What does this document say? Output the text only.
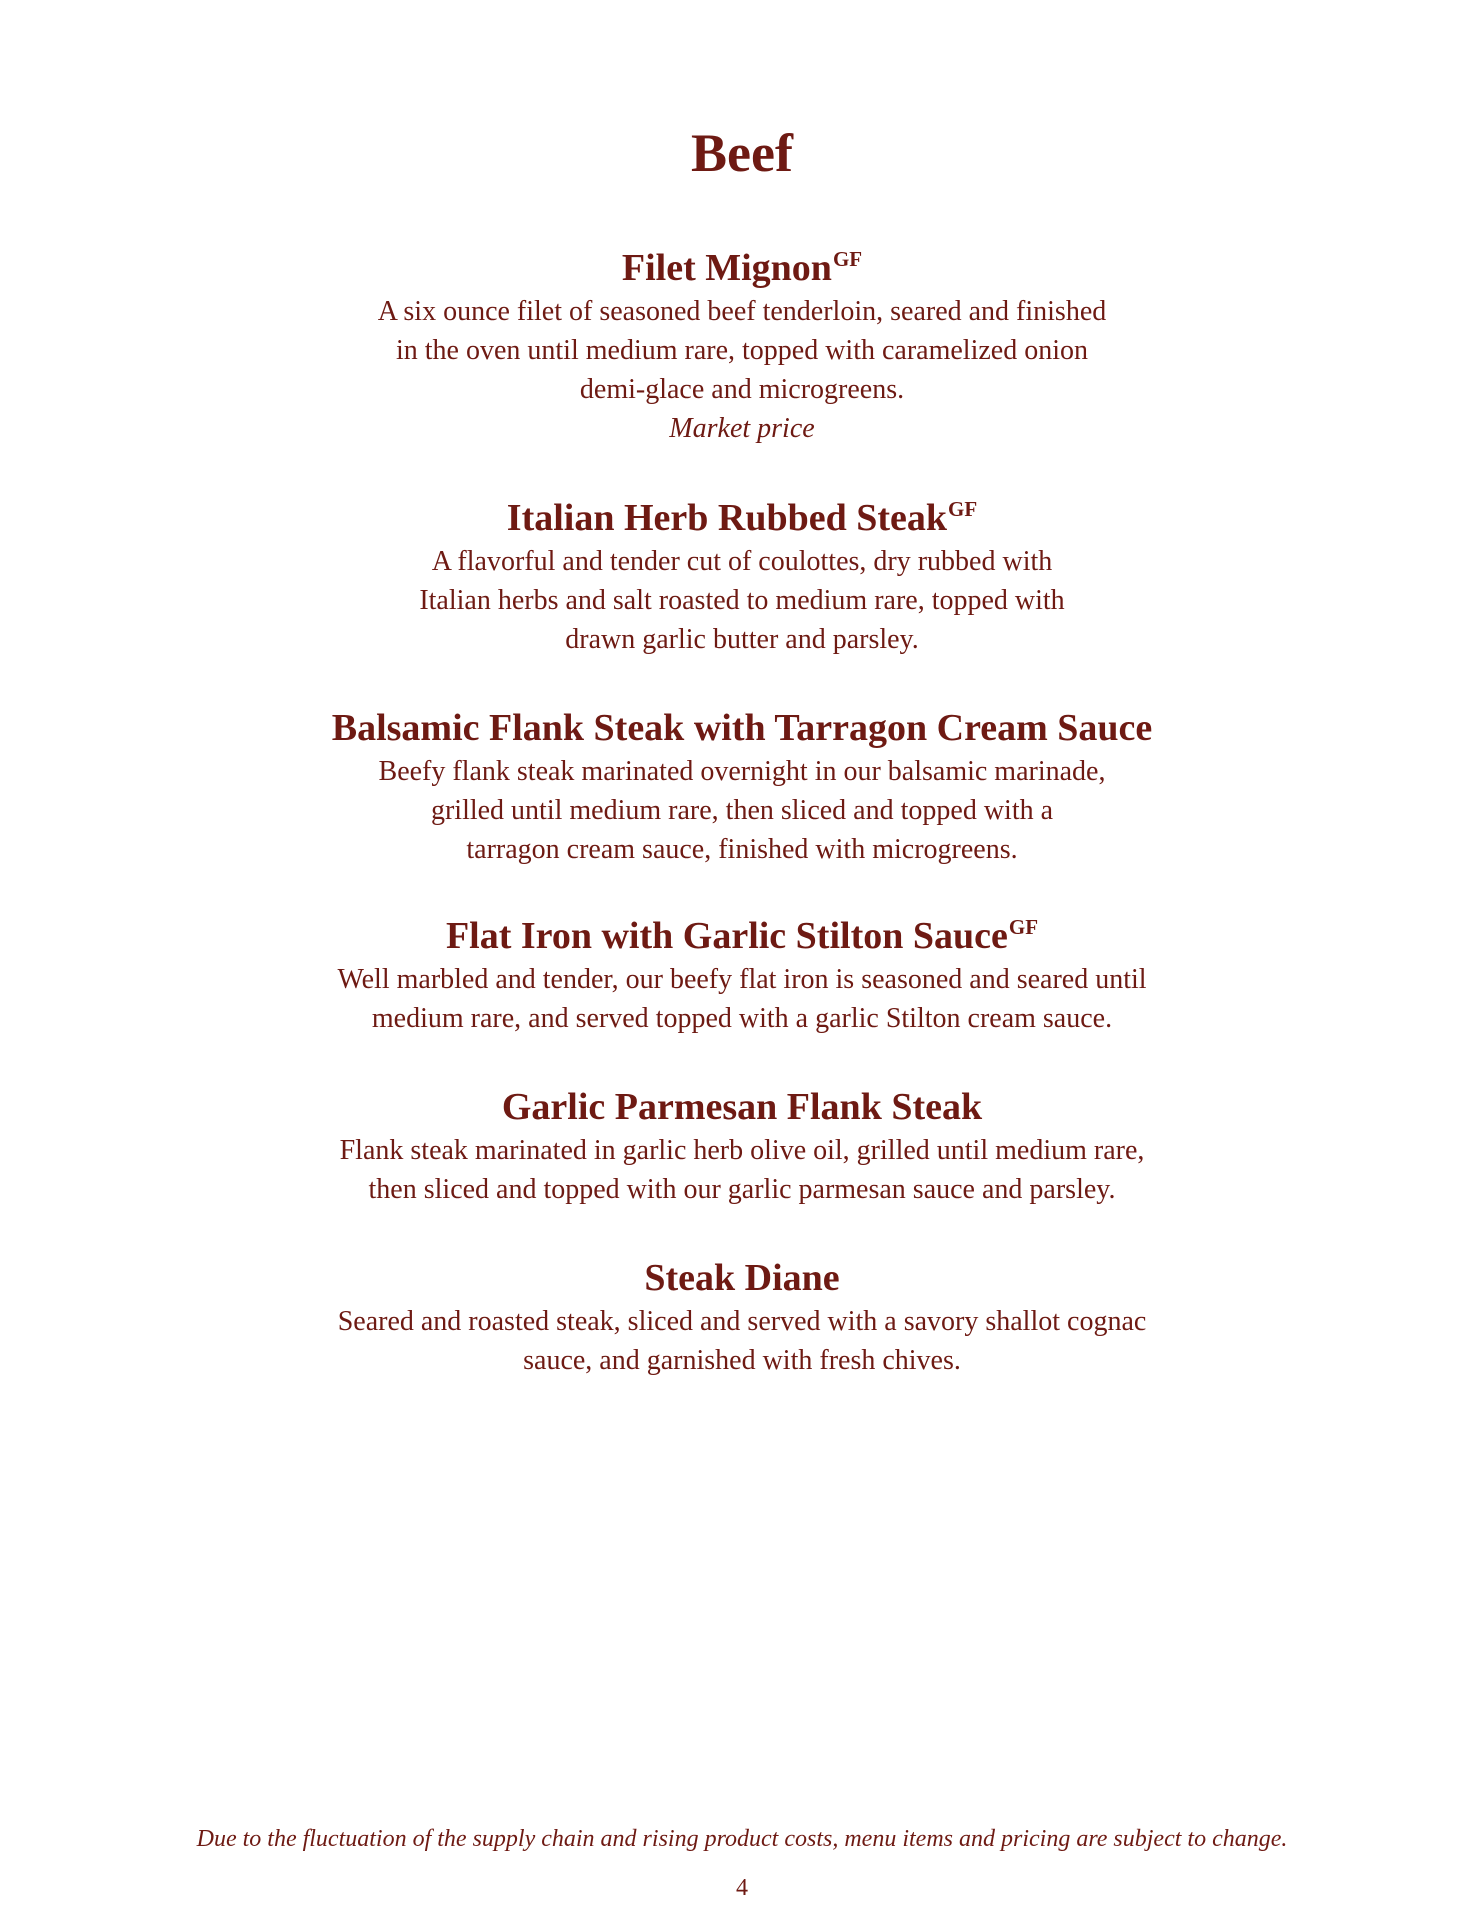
Beef
Filet Mignon$^{GF}$

A six ounce filet of seasoned beef tenderloin, seared and finished
in the oven until medium rare, topped with caramelized onion
demi-glace and microgreens.

Market price

Italian Herb Rubbed Steak$^{GF}$

A flavorful and tender cut of coulottes, dry rubbed with
Italian herbs and salt roasted to medium rare, topped with
drawn garlic butter and parsley.

Balsamic Flank Steak with Tarragon Cream Sauce

Beefy flank steak marinated overnight in our balsamic marinade,
grilled until medium rare, then sliced and topped with a
tarragon cream sauce, finished with microgreens.

Flat Iron with Garlic Stilton Sauce$^{GF}$

Well marbled and tender, our beefy flat iron is seasoned and seared until
medium rare, and served topped with a garlic Stilton cream sauce.

Garlic Parmesan Flank Steak

Flank steak marinated in garlic herb olive oil, grilled until medium rare,
then sliced and topped with our garlic parmesan sauce and parsley.

Steak Diane

Seared and roasted steak, sliced and served with a savory shallot cognac
sauce, and garnished with fresh chives.

Due to the fluctuation of the supply chain and rising product costs, menu items and pricing are subject to change.

4
